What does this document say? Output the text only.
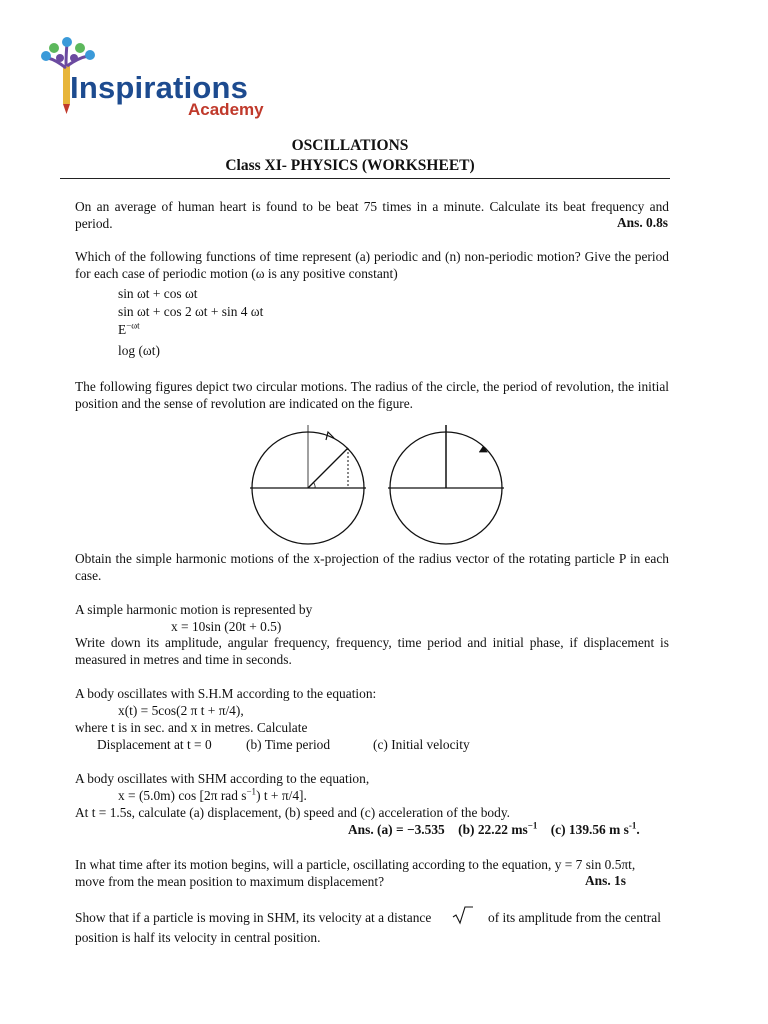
Inspirations
Academy
OSCILLATIONS
Class XI- PHYSICS (WORKSHEET)
On an average of human heart is found to be beat 75 times in a minute. Calculate its beat frequency and period.	Ans. 0.8s
Which of the following functions of time represent (a) periodic and (n) non-periodic motion? Give the period for each case of periodic motion (ω is any positive constant)
sin ωt + cos ωt
sin ωt + cos 2 ωt + sin 4 ωt
$E^{-\omega t}$
log (ωt)
The following figures depict two circular motions. The radius of the circle, the period of revolution, the initial position and the sense of revolution are indicated on the figure.
Obtain the simple harmonic motions of the x-projection of the radius vector of the rotating particle P in each case.
A simple harmonic motion is represented by
x = 10sin (20t + 0.5)
Write down its amplitude, angular frequency, frequency, time period and initial phase, if displacement is measured in metres and time in seconds.
A body oscillates with S.H.M according to the equation:
x(t) = 5cos(2 π t + π/4),
where t is in sec. and x in metres. Calculate
Displacement at t = 0	(b) Time period	(c) Initial velocity
A body oscillates with SHM according to the equation,
x = (5.0m) cos [2π rad $s^{-1}$) t + π/4].
At t = 1.5s, calculate (a) displacement, (b) speed and (c) acceleration of the body.
Ans. (a) = −3.535 (b) 22.22 $ms^{-1}$ (c) 139.56 m $s^{-1}$.
In what time after its motion begins, will a particle, oscillating according to the equation, y = 7 sin 0.5πt,
move from the mean position to maximum displacement?	Ans. 1s
Show that if a particle is moving in SHM, its velocity at a distance	of its amplitude from the central
position is half its velocity in central position.
